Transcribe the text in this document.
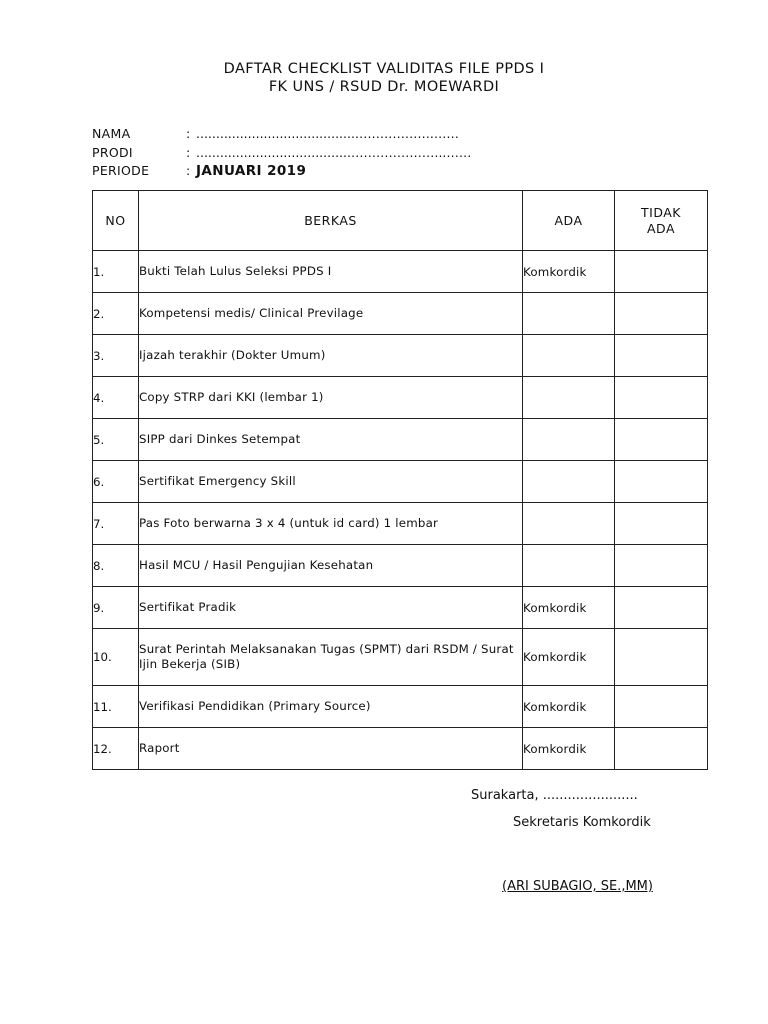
DAFTAR CHECKLIST VALIDITAS FILE PPDS I
FK UNS / RSUD Dr. MOEWARDI
NAMA	: ........................................……………….……
PRODI	: .......................................…………………..……
PERIODE	: JANUARI 2019
NO	BERKAS	ADA	TIDAK
ADA
1.	Bukti Telah Lulus Seleksi PPDS I	Komkordik	
2.	Kompetensi medis/ Clinical Previlage		
3.	Ijazah terakhir (Dokter Umum)		
4.	Copy STRP dari KKI (lembar 1)		
5.	SIPP dari Dinkes Setempat		
6.	Sertifikat Emergency Skill		
7.	Pas Foto berwarna 3 x 4 (untuk id card) 1 lembar		
8.	Hasil MCU / Hasil Pengujian Kesehatan		
9.	Sertifikat Pradik	Komkordik	
10.	Surat Perintah Melaksanakan Tugas (SPMT) dari RSDM / Surat Ijin Bekerja (SIB)	Komkordik	
11.	Verifikasi Pendidikan (Primary Source)	Komkordik	
12.	Raport	Komkordik	
Surakarta, .......................
Sekretaris Komkordik
(ARI SUBAGIO, SE.,MM)
